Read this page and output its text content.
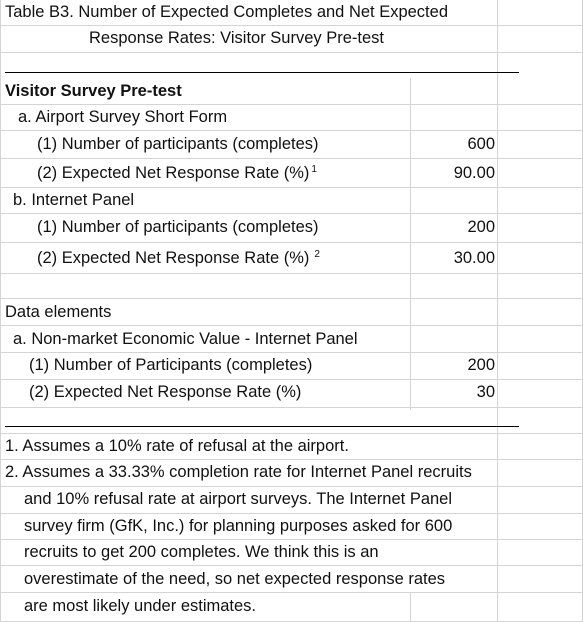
Table B3. Number of Expected Completes and Net Expected
Response Rates: Visitor Survey Pre-test
Visitor Survey Pre-test
a. Airport Survey Short Form
(1) Number of participants (completes)	600
(2) Expected Net Response Rate (%) $^1$	90.00
b. Internet Panel
(1) Number of participants (completes)	200
(2) Expected Net Response Rate (%) $^2$	30.00
Data elements
a. Non-market Economic Value - Internet Panel
(1) Number of Participants (completes)	200
(2) Expected Net Response Rate (%)	30
1. Assumes a 10% rate of refusal at the airport.
2. Assumes a 33.33% completion rate for Internet Panel recruits
and 10% refusal rate at airport surveys. The Internet Panel
survey firm (GfK, Inc.) for planning purposes asked for 600
recruits to get 200 completes. We think this is an
overestimate of the need, so net expected response rates
are most likely under estimates.
